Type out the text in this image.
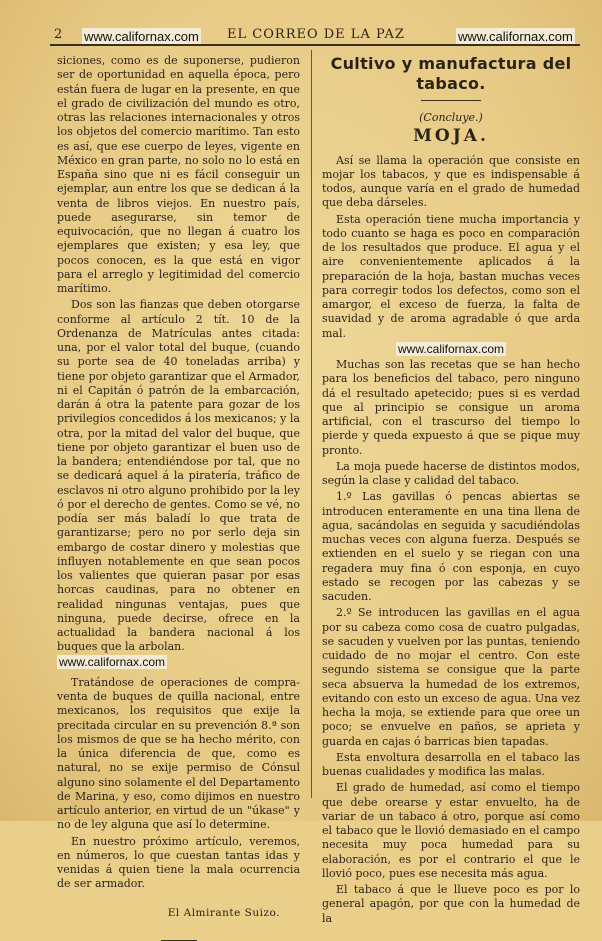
2 www.californax.com	EL CORREO DE LA PAZ	www.californax.com

siciones, como es de suponerse, pudieron ser de oportunidad en aquella época, pero están fuera de lugar en la presente, en que el grado de civilización del mundo es otro, otras las relaciones internacionales y otros los objetos del comercio marítimo. Tan esto es así, que ese cuerpo de leyes, vigente en México en gran parte, no solo no lo está en España sino que ni es fácil conseguir un ejemplar, aun entre los que se dedican á la venta de libros viejos. En nuestro país, puede asegurarse, sin temor de equivocación, que no llegan á cuatro los ejemplares que existen; y esa ley, que pocos conocen, es la que está en vigor para el arreglo y legitimidad del comercio marítimo.

Dos son las fianzas que deben otorgarse conforme al artículo 2 tít. 10 de la Ordenanza de Matrículas antes citada: una, por el valor total del buque, (cuando su porte sea de 40 toneladas arriba) y tiene por objeto garantizar que el Armador, ni el Capitán ó patrón de la embarcación, darán á otra la patente para gozar de los privilegios concedidos á los mexicanos; y la otra, por la mitad del valor del buque, que tiene por objeto garantizar el buen uso de la bandera; entendiéndose por tal, que no se dedicará aquel á la piratería, tráfico de esclavos ni otro alguno prohibido por la ley ó por el derecho de gentes. Como se vé, no podía ser más baladí lo que trata de garantizarse; pero no por serlo deja sin embargo de costar dinero y molestias que influyen notablemente en que sean pocos los valientes que quieran pasar por esas horcas caudinas, para no obtener en realidad ningunas ventajas, pues que ninguna, puede decirse, ofrece en la actualidad la bandera nacional á los buques que la arbolan.

www.californax.com

Tratándose de operaciones de compra-venta de buques de quilla nacional, entre mexicanos, los requisitos que exije la precitada circular en su prevención 8.ª son los mismos de que se ha hecho mérito, con la única diferencia de que, como es natural, no se exije permiso de Cónsul alguno sino solamente el del Departamento de Marina, y eso, como dijimos en nuestro artículo anterior, en virtud de un "úkase" y no de ley alguna que así lo determine.

En nuestro próximo artículo, veremos, en números, lo que cuestan tantas idas y venidas á quien tiene la mala ocurrencia de ser armador.

El Almirante Suizo.
Cultivo y manufactura del tabaco.
(Concluye.)
MOJA.

Así se llama la operación que consiste en mojar los tabacos, y que es indispensable á todos, aunque varía en el grado de humedad que deba dárseles.

Esta operación tiene mucha importancia y todo cuanto se haga es poco en comparación de los resultados que produce. El agua y el aire convenientemente aplicados á la preparación de la hoja, bastan muchas veces para corregir todos los defectos, como son el amargor, el exceso de fuerza, la falta de suavidad y de aroma agradable ó que arda mal.

www.californax.com

Muchas son las recetas que se han hecho para los beneficios del tabaco, pero ninguno dá el resultado apetecido; pues si es verdad que al principio se consigue un aroma artificial, con el trascurso del tiempo lo pierde y queda expuesto á que se pique muy pronto.

La moja puede hacerse de distintos modos, según la clase y calidad del tabaco.

1.º Las gavillas ó pencas abiertas se introducen enteramente en una tina llena de agua, sacándolas en seguida y sacudiéndolas muchas veces con alguna fuerza. Después se extienden en el suelo y se riegan con una regadera muy fina ó con esponja, en cuyo estado se recogen por las cabezas y se sacuden.

2.º Se introducen las gavillas en el agua por su cabeza como cosa de cuatro pulgadas, se sacuden y vuelven por las puntas, teniendo cuidado de no mojar el centro. Con este segundo sistema se consigue que la parte seca absuerva la humedad de los extremos, evitando con esto un exceso de agua. Una vez hecha la moja, se extiende para que oree un poco; se envuelve en paños, se aprieta y guarda en cajas ó barricas bien tapadas.

Esta envoltura desarrolla en el tabaco las buenas cualidades y modifica las malas.

El grado de humedad, así como el tiempo que debe orearse y estar envuelto, ha de variar de un tabaco á otro, porque así como el tabaco que le llovió demasiado en el campo necesita muy poca humedad para su elaboración, es por el contrario el que le llovió poco, pues ese necesita más agua.

El tabaco á que le llueve poco es por lo general apagón, por que con la humedad de la
